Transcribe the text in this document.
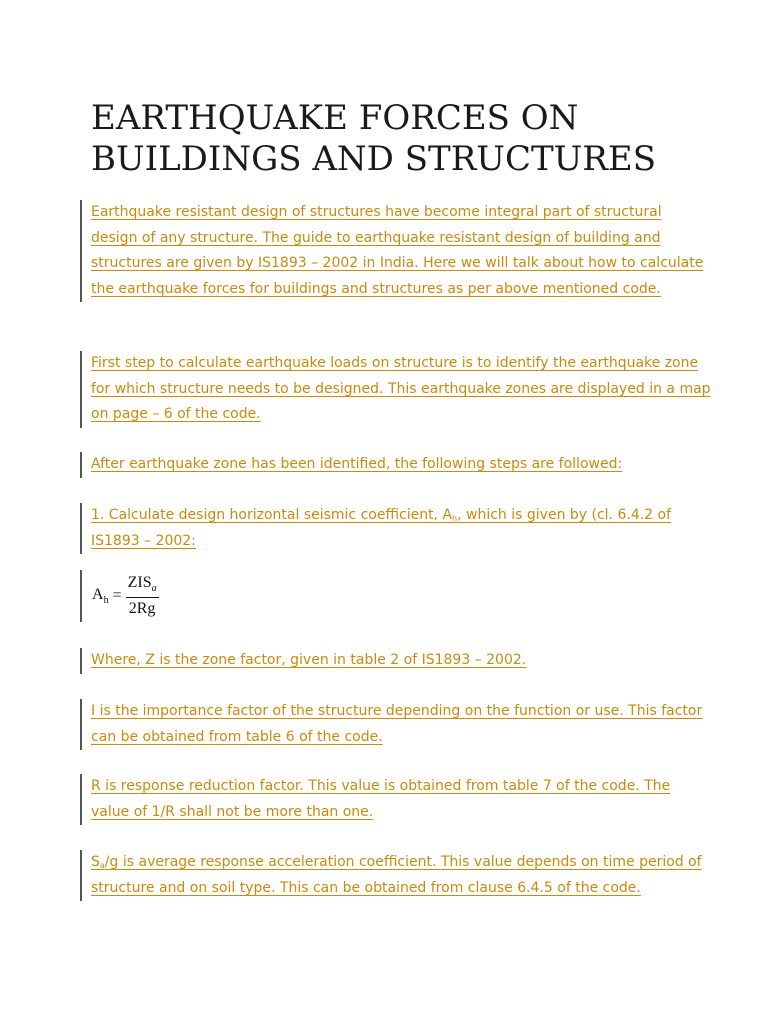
EARTHQUAKE FORCES ON BUILDINGS AND STRUCTURES

Earthquake resistant design of structures have become integral part of structural design of any structure. The guide to earthquake resistant design of building and structures are given by IS1893 – 2002 in India. Here we will talk about how to calculate the earthquake forces for buildings and structures as per above mentioned code.

First step to calculate earthquake loads on structure is to identify the earthquake zone for which structure needs to be designed. This earthquake zones are displayed in a map on page – 6 of the code.

After earthquake zone has been identified, the following steps are followed:

1. Calculate design horizontal seismic coefficient, $A_h$, which is given by (cl. 6.4.2 of IS1893 – 2002:

$A_h = \frac{ZIS_a}{2Rg}$

Where, Z is the zone factor, given in table 2 of IS1893 – 2002.

I is the importance factor of the structure depending on the function or use. This factor can be obtained from table 6 of the code.

R is response reduction factor. This value is obtained from table 7 of the code. The value of 1/R shall not be more than one.

$S_a/g$ is average response acceleration coefficient. This value depends on time period of structure and on soil type. This can be obtained from clause 6.4.5 of the code.
